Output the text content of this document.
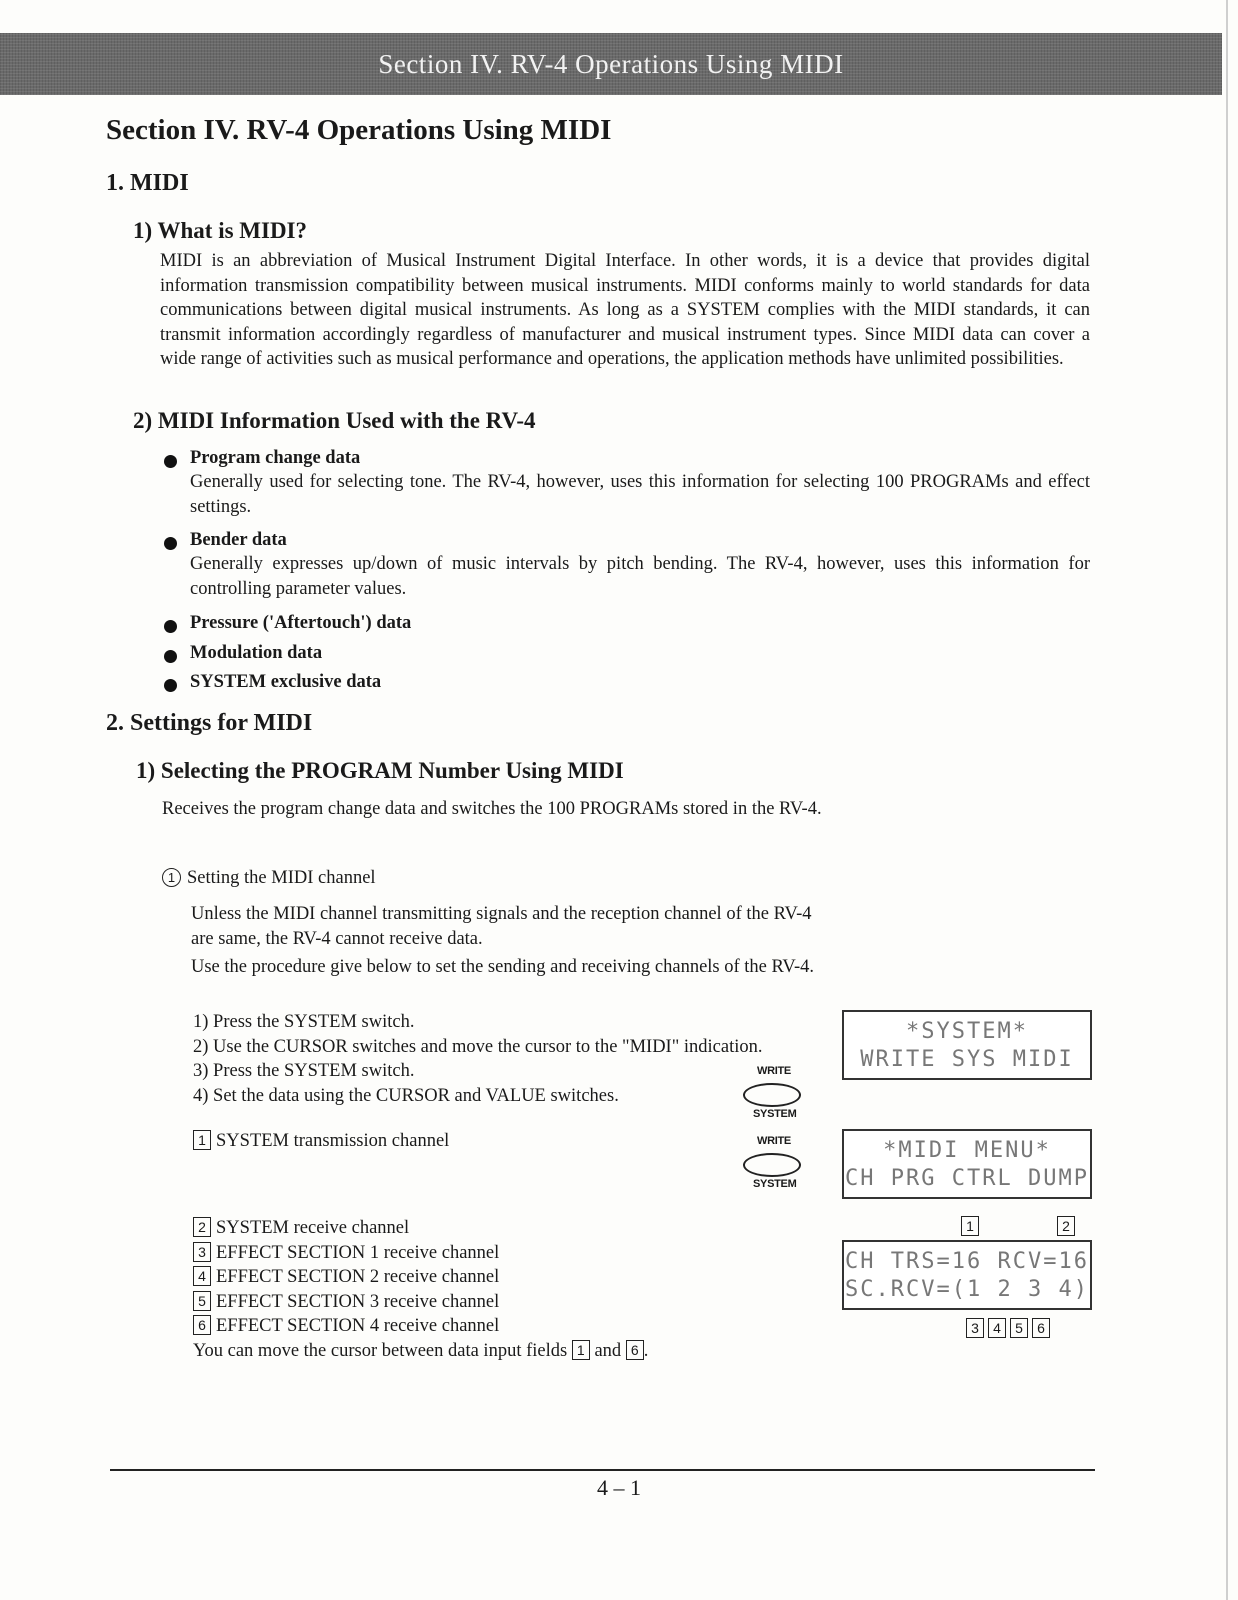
Section IV. RV-4 Operations Using MIDI
Section IV. RV-4 Operations Using MIDI
1. MIDI
1) What is MIDI?
MIDI is an abbreviation of Musical Instrument Digital Interface. In other words, it is a device that provides digital information transmission compatibility between musical instruments. MIDI conforms mainly to world standards for data communications between digital musical instruments. As long as a SYSTEM complies with the MIDI standards, it can transmit information accordingly regardless of manufacturer and musical instrument types. Since MIDI data can cover a wide range of activities such as musical performance and operations, the application methods have unlimited possibilities.
2) MIDI Information Used with the RV-4
Program change data
Generally used for selecting tone. The RV-4, however, uses this information for selecting 100 PROGRAMs and effect settings.
Bender data
Generally expresses up/down of music intervals by pitch bending. The RV-4, however, uses this information for controlling parameter values.
Pressure ('Aftertouch') data
Modulation data
SYSTEM exclusive data
2. Settings for MIDI
1) Selecting the PROGRAM Number Using MIDI
Receives the program change data and switches the 100 PROGRAMs stored in the RV-4.
1 Setting the MIDI channel
Unless the MIDI channel transmitting signals and the reception channel of the RV-4 are same, the RV-4 cannot receive data.
Use the procedure give below to set the sending and receiving channels of the RV-4.
1) Press the SYSTEM switch.
2) Use the CURSOR switches and move the cursor to the "MIDI" indication.
3) Press the SYSTEM switch.
4) Set the data using the CURSOR and VALUE switches.
1 SYSTEM transmission channel
2 SYSTEM receive channel
3 EFFECT SECTION 1 receive channel
4 EFFECT SECTION 2 receive channel
5 EFFECT SECTION 3 receive channel
6 EFFECT SECTION 4 receive channel
You can move the cursor between data input fields 1 and 6 .
WRITE
SYSTEM
WRITE
SYSTEM
*SYSTEM*
WRITE SYS MIDI
*MIDI MENU*
CH PRG CTRL DUMP
1	2
CH TRS=16 RCV=16
SC.RCV=(1 2 3 4)
3 4 5 6
4 – 1
